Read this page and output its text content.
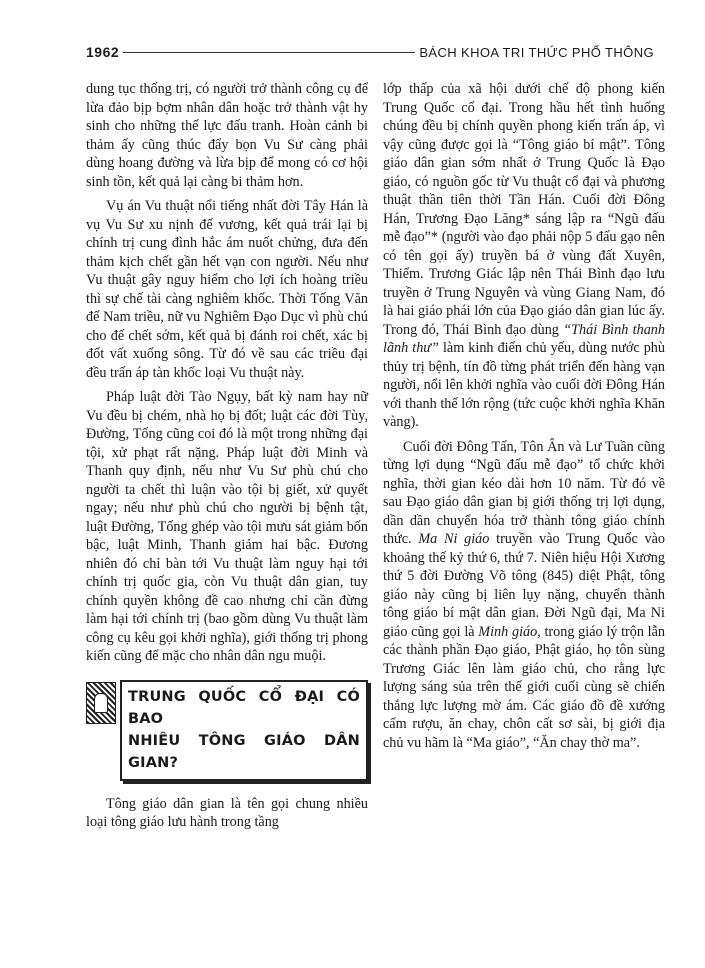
1962	BÁCH KHOA TRI THỨC PHỔ THÔNG

dung tục thống trị, có người trở thành công cụ để lừa đảo bịp bợm nhân dân hoặc trở thành vật hy sinh cho những thế lực đấu tranh. Hoàn cảnh bi thảm ấy cũng thúc đẩy bọn Vu Sư càng phải dùng hoang đường và lừa bịp để mong có cơ hội sinh tồn, kết quả lại càng bi thảm hơn.

Vụ án Vu thuật nổi tiếng nhất đời Tây Hán là vụ Vu Sư xu nịnh đế vương, kết quả trái lại bị chính trị cung đình hắc ám nuốt chửng, đưa đến thảm kịch chết gần hết vạn con người. Nếu như Vu thuật gây nguy hiểm cho lợi ích hoàng triều thì sự chế tài càng nghiêm khốc. Thời Tống Văn đế Nam triều, nữ vu Nghiêm Đạo Dục vì phù chú cho đế chết sớm, kết quả bị đánh roi chết, xác bị đốt vất xuống sông. Từ đó về sau các triều đại đều trấn áp tàn khốc loại Vu thuật này.

Pháp luật đời Tào Ngụy, bất kỳ nam hay nữ Vu đều bị chém, nhà họ bị đốt; luật các đời Tùy, Đường, Tống cũng coi đó là một trong những đại tội, xử phạt rất nặng. Pháp luật đời Minh và Thanh quy định, nếu như Vu Sư phù chú cho người ta chết thì luận vào tội bị giết, xử quyết ngay; nếu như phù chú cho người bị bệnh tật, luật Đường, Tống ghép vào tội mưu sát giảm bốn bậc, luật Minh, Thanh giảm hai bậc. Đương nhiên đó chỉ bàn tới Vu thuật làm nguy hại tới chính trị quốc gia, còn Vu thuật dân gian, tuy chính quyền không đề cao nhưng chỉ cần đừng làm hại tới chính trị (bao gồm dùng Vu thuật làm công cụ kêu gọi khởi nghĩa), giới thống trị phong kiến cũng để mặc cho nhân dân ngu muội.

TRUNG QUỐC CỔ ĐẠI CÓ BAO
NHIÊU TÔNG GIÁO DÂN GIAN?

Tông giáo dân gian là tên gọi chung nhiều loại tông giáo lưu hành trong tầng

lớp thấp của xã hội dưới chế độ phong kiến Trung Quốc cổ đại. Trong hầu hết tình huống chúng đều bị chính quyền phong kiến trấn áp, vì vậy cũng được gọi là “Tông giáo bí mật”. Tông giáo dân gian sớm nhất ở Trung Quốc là Đạo giáo, có nguồn gốc từ Vu thuật cổ đại và phương thuật thần tiên thời Tần Hán. Cuối đời Đông Hán, Trương Đạo Lăng* sáng lập ra “Ngũ đấu mễ đạo”* (người vào đạo phải nộp 5 đấu gạo nên có tên gọi ấy) truyền bá ở vùng đất Xuyên, Thiểm. Trương Giác lập nên Thái Bình đạo lưu truyền ở Trung Nguyên và vùng Giang Nam, đó là hai giáo phái lớn của Đạo giáo dân gian lúc ấy. Trong đó, Thái Bình đạo dùng “Thái Bình thanh lãnh thư” làm kinh điển chủ yếu, dùng nước phù thủy trị bệnh, tín đồ từng phát triển đến hàng vạn người, nổi lên khởi nghĩa vào cuối đời Đông Hán với thanh thế lớn rộng (tức cuộc khởi nghĩa Khăn vàng).

Cuối đời Đông Tấn, Tôn Ân và Lư Tuần cũng từng lợi dụng “Ngũ đấu mễ đạo” tổ chức khởi nghĩa, thời gian kéo dài hơn 10 năm. Từ đó về sau Đạo giáo dân gian bị giới thống trị lợi dụng, dần dần chuyển hóa trở thành tông giáo chính thức. Ma Ni giáo truyền vào Trung Quốc vào khoảng thế kỷ thứ 6, thứ 7. Niên hiệu Hội Xương thứ 5 đời Đường Võ tông (845) diệt Phật, tông giáo này cũng bị liên lụy nặng, chuyển thành tông giáo bí mật dân gian. Đời Ngũ đại, Ma Ni giáo cũng gọi là Minh giáo, trong giáo lý trộn lẫn các thành phần Đạo giáo, Phật giáo, họ tôn sùng Trương Giác lên làm giáo chủ, cho rằng lực lượng sáng sủa trên thế giới cuối cùng sẽ chiến thắng lực lượng mờ ám. Các giáo đồ đề xướng cấm rượu, ăn chay, chôn cất sơ sài, bị giới địa chủ vu hãm là “Ma giáo”, “Ăn chay thờ ma”.
